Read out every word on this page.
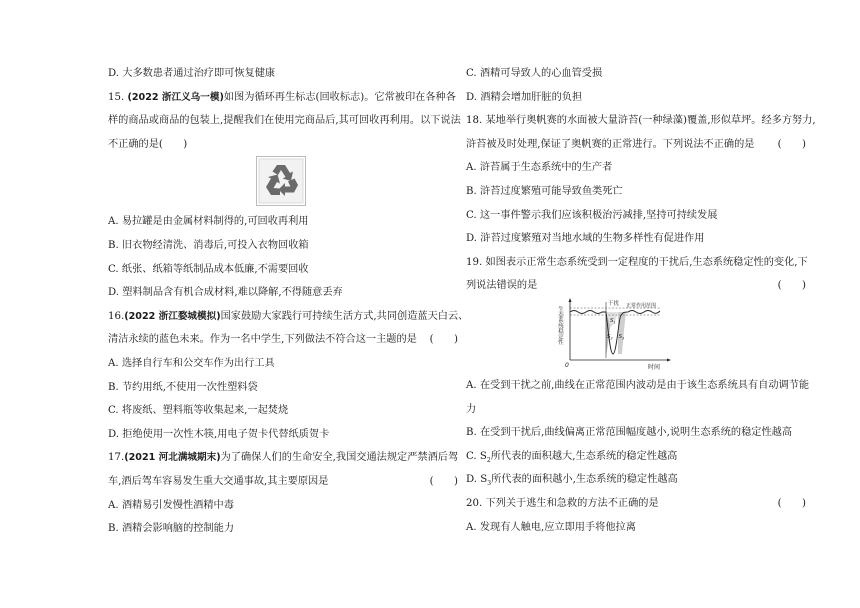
D. 大多数患者通过治疗即可恢复健康
15. (2022 浙江义乌一模)如图为循环再生标志(回收标志)。它常被印在各种各
样的商品或商品的包装上,提醒我们在使用完商品后,其可回收再利用。以下说法
不正确的是(　　)
A. 易拉罐是由金属材料制得的,可回收再利用
B. 旧衣物经清洗、消毒后,可投入衣物回收箱
C. 纸张、纸箱等纸制品成本低廉,不需要回收
D. 塑料制品含有机合成材料,难以降解,不得随意丢弃
16.(2022 浙江婺城模拟)国家鼓励大家践行可持续生活方式,共同创造蓝天白云、
清洁永续的蓝色未来。作为一名中学生,下列做法不符合这一主题的是 (　　)
A. 选择自行车和公交车作为出行工具
B. 节约用纸,不使用一次性塑料袋
C. 将废纸、塑料瓶等收集起来,一起焚烧
D. 拒绝使用一次性木筷,用电子贺卡代替纸质贺卡
17.(2021 河北满城期末)为了确保人们的生命安全,我国交通法规定严禁酒后驾
车,酒后驾车容易发生重大交通事故,其主要原因是	(　　)
A. 酒精易引发慢性酒精中毒
B. 酒精会影响脑的控制能力
C. 酒精可导致人的心血管受损
D. 酒精会增加肝脏的负担
18. 某地举行奥帆赛的水面被大量浒苔(一种绿藻)覆盖,形似草坪。经多方努力,
浒苔被及时处理,保证了奥帆赛的正常进行。下列说法不正确的是 (　　)
A. 浒苔属于生态系统中的生产者
B. 浒苔过度繁殖可能导致鱼类死亡
C. 这一事件警示我们应该积极治污减排,坚持可持续发展
D. 浒苔过度繁殖对当地水域的生物多样性有促进作用
19. 如图表示正常生态系统受到一定程度的干扰后,生态系统稳定性的变化,下
列说法错误的是	(　　)
干扰 正常作用范围
0	时间
生态系统稳定性	$S_1$
$S_2$ $S_3$
A. 在受到干扰之前,曲线在正常范围内波动是由于该生态系统具有自动调节能
力
B. 在受到干扰后,曲线偏离正常范围幅度越小,说明生态系统的稳定性越高
C. $S_2$所代表的面积越大,生态系统的稳定性越高
D. $S_3$所代表的面积越小,生态系统的稳定性越高
20. 下列关于逃生和急救的方法不正确的是	(　　)
A. 发现有人触电,应立即用手将他拉离
